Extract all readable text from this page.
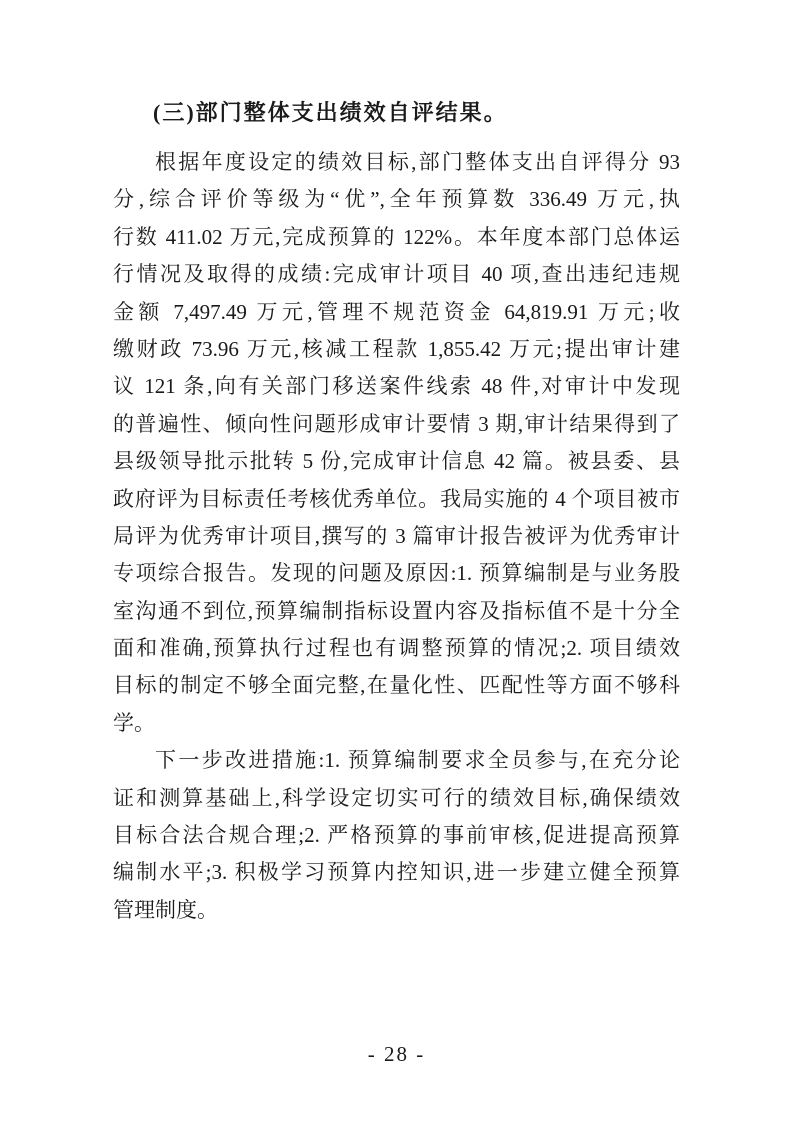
(三)部门整体支出绩效自评结果。
根据年度设定的绩效目标,部门整体支出自评得分 93
分,综合评价等级为“优”,全年预算数 336.49 万元,执
行数 411.02 万元,完成预算的 122%。本年度本部门总体运
行情况及取得的成绩:完成审计项目 40 项,查出违纪违规
金额 7,497.49 万元,管理不规范资金 64,819.91 万元;收
缴财政 73.96 万元,核减工程款 1,855.42 万元;提出审计建
议 121 条,向有关部门移送案件线索 48 件,对审计中发现
的普遍性、倾向性问题形成审计要情 3 期,审计结果得到了
县级领导批示批转 5 份,完成审计信息 42 篇。被县委、县
政府评为目标责任考核优秀单位。我局实施的 4 个项目被市
局评为优秀审计项目,撰写的 3 篇审计报告被评为优秀审计
专项综合报告。发现的问题及原因:1. 预算编制是与业务股
室沟通不到位,预算编制指标设置内容及指标值不是十分全
面和准确,预算执行过程也有调整预算的情况;2. 项目绩效
目标的制定不够全面完整,在量化性、匹配性等方面不够科
学。
下一步改进措施:1. 预算编制要求全员参与,在充分论
证和测算基础上,科学设定切实可行的绩效目标,确保绩效
目标合法合规合理;2. 严格预算的事前审核,促进提高预算
编制水平;3. 积极学习预算内控知识,进一步建立健全预算
管理制度。
- 28 -
